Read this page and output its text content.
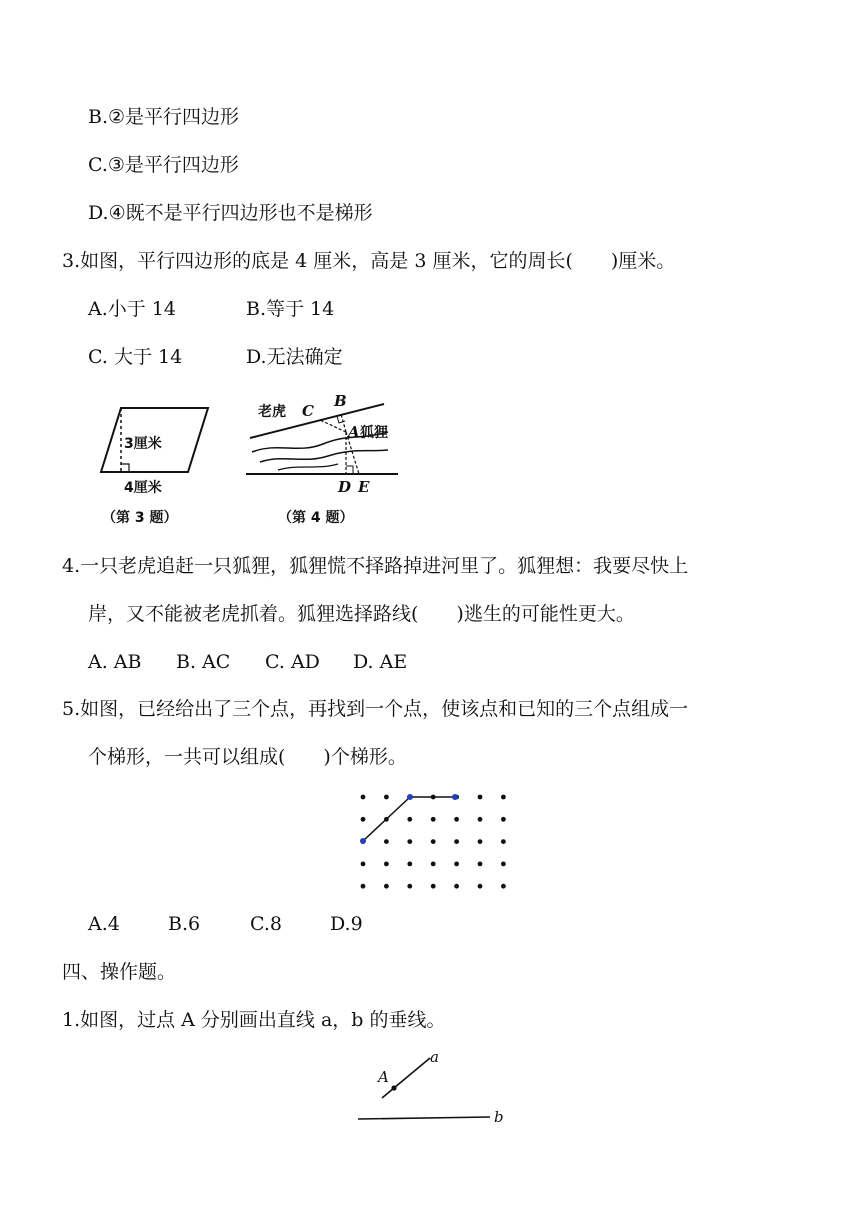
B.②是平行四边形
C.③是平行四边形
D.④既不是平行四边形也不是梯形
3.如图，平行四边形的底是 4 厘米，高是 3 厘米，它的周长(　　)厘米。
A.小于 14	B.等于 14
C. 大于 14	D.无法确定
3厘米
4厘米
（第 3 题）
老虎 C
B
A 狐狸
D E
（第 4 题）
4.一只老虎追赶一只狐狸，狐狸慌不择路掉进河里了。狐狸想：我要尽快上
岸，又不能被老虎抓着。狐狸选择路线(　　)逃生的可能性更大。
A. AB B. AC C. AD D. AE
5.如图，已经给出了三个点，再找到一个点，使该点和已知的三个点组成一
个梯形，一共可以组成(　　)个梯形。
A.4	B.6	C.8	D.9
四、操作题。
1.如图，过点 A 分别画出直线 a，b 的垂线。
A
a
b
